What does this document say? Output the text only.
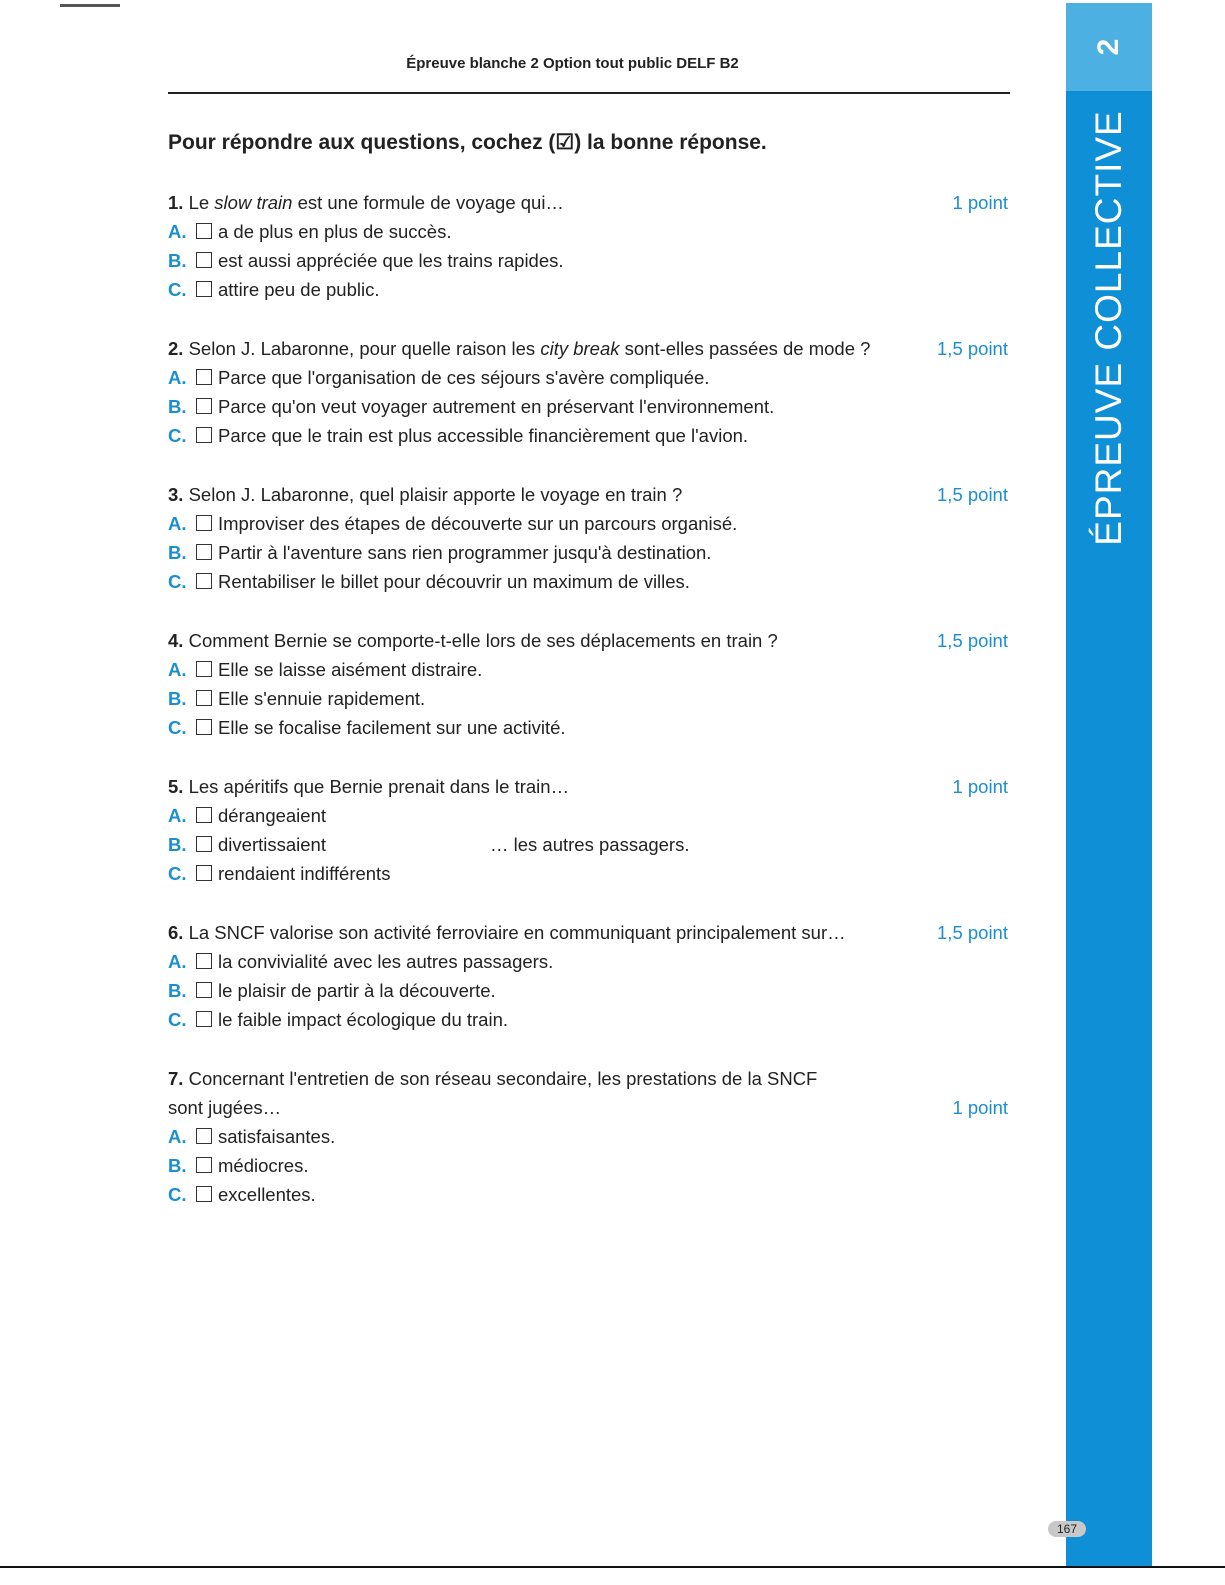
Épreuve blanche 2 Option tout public DELF B2
Pour répondre aux questions, cochez (☑) la bonne réponse.
1. Le slow train est une formule de voyage qui…	1 point
A. a de plus en plus de succès.
B. est aussi appréciée que les trains rapides.
C. attire peu de public.
2. Selon J. Labaronne, pour quelle raison les city break sont-elles passées de mode ?	1,5 point
A. Parce que l'organisation de ces séjours s'avère compliquée.
B. Parce qu'on veut voyager autrement en préservant l'environnement.
C. Parce que le train est plus accessible financièrement que l'avion.
3. Selon J. Labaronne, quel plaisir apporte le voyage en train ?	1,5 point
A. Improviser des étapes de découverte sur un parcours organisé.
B. Partir à l'aventure sans rien programmer jusqu'à destination.
C. Rentabiliser le billet pour découvrir un maximum de villes.
4. Comment Bernie se comporte-t-elle lors de ses déplacements en train ?	1,5 point
A. Elle se laisse aisément distraire.
B. Elle s'ennuie rapidement.
C. Elle se focalise facilement sur une activité.
5. Les apéritifs que Bernie prenait dans le train…	1 point
A. dérangeaient
B. divertissaient	… les autres passagers.
C. rendaient indifférents
6. La SNCF valorise son activité ferroviaire en communiquant principalement sur…	1,5 point
A. la convivialité avec les autres passagers.
B. le plaisir de partir à la découverte.
C. le faible impact écologique du train.
7. Concernant l'entretien de son réseau secondaire, les prestations de la SNCF
sont jugées…	1 point
A. satisfaisantes.
B. médiocres.
C. excellentes.
2
ÉPREUVE COLLECTIVE
167
